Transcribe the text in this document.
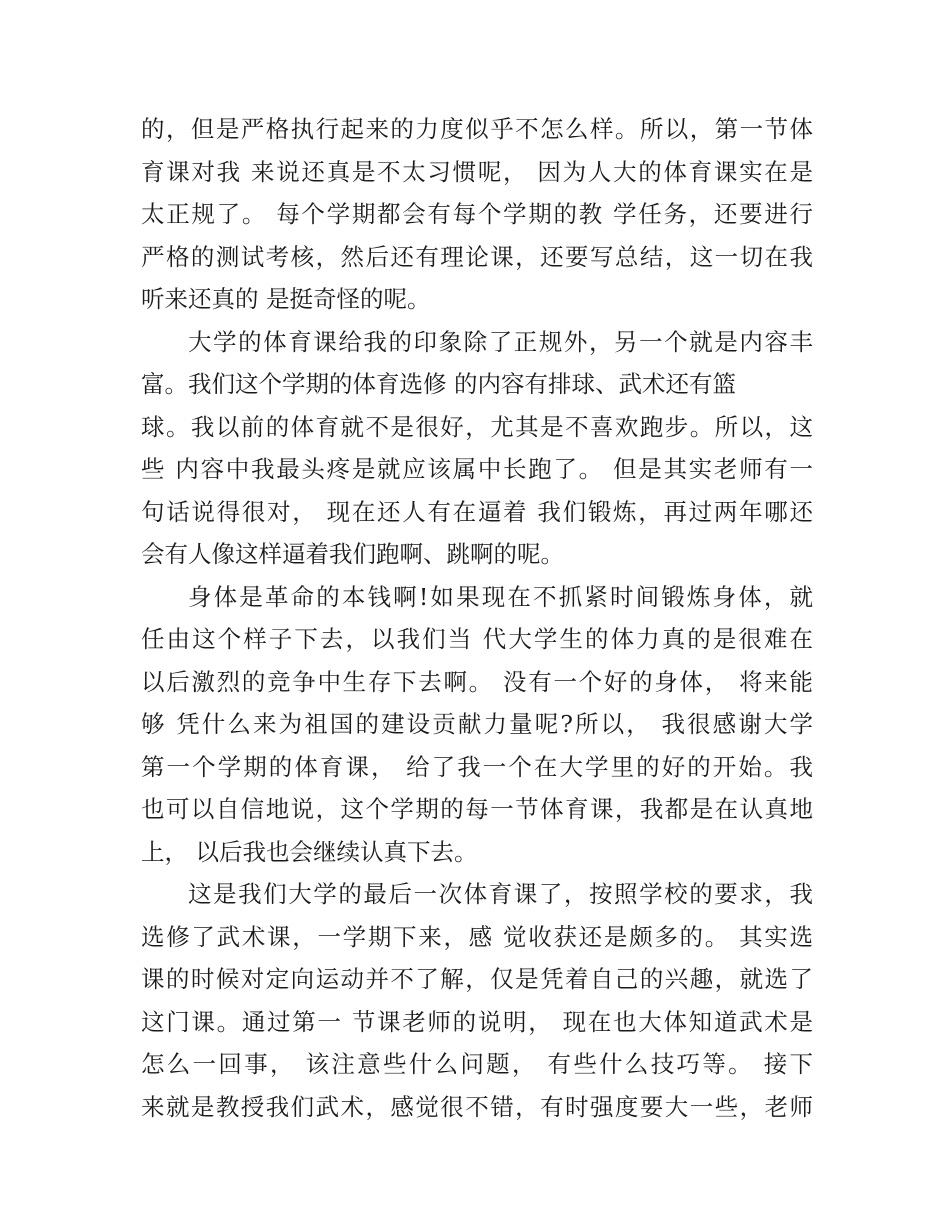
的，但是严格执行起来的力度似乎不怎么样。所以，第一节体
育课对我 来说还真是不太习惯呢， 因为人大的体育课实在是
太正规了。 每个学期都会有每个学期的教 学任务，还要进行
严格的测试考核，然后还有理论课，还要写总结，这一切在我
听来还真的 是挺奇怪的呢。
大学的体育课给我的印象除了正规外，另一个就是内容丰
富。我们这个学期的体育选修 的内容有排球、武术还有篮
球。我以前的体育就不是很好，尤其是不喜欢跑步。所以，这
些 内容中我最头疼是就应该属中长跑了。 但是其实老师有一
句话说得很对， 现在还人有在逼着 我们锻炼，再过两年哪还
会有人像这样逼着我们跑啊、跳啊的呢。
身体是革命的本钱啊!如果现在不抓紧时间锻炼身体，就
任由这个样子下去，以我们当 代大学生的体力真的是很难在
以后激烈的竞争中生存下去啊。 没有一个好的身体， 将来能
够 凭什么来为祖国的建设贡献力量呢?所以， 我很感谢大学
第一个学期的体育课， 给了我一个在大学里的好的开始。我
也可以自信地说，这个学期的每一节体育课，我都是在认真地
上， 以后我也会继续认真下去。
这是我们大学的最后一次体育课了，按照学校的要求，我
选修了武术课，一学期下来，感 觉收获还是颇多的。 其实选
课的时候对定向运动并不了解，仅是凭着自己的兴趣，就选了
这门课。通过第一 节课老师的说明， 现在也大体知道武术是
怎么一回事， 该注意些什么问题， 有些什么技巧等。 接下
来就是教授我们武术，感觉很不错，有时强度要大一些，老师
